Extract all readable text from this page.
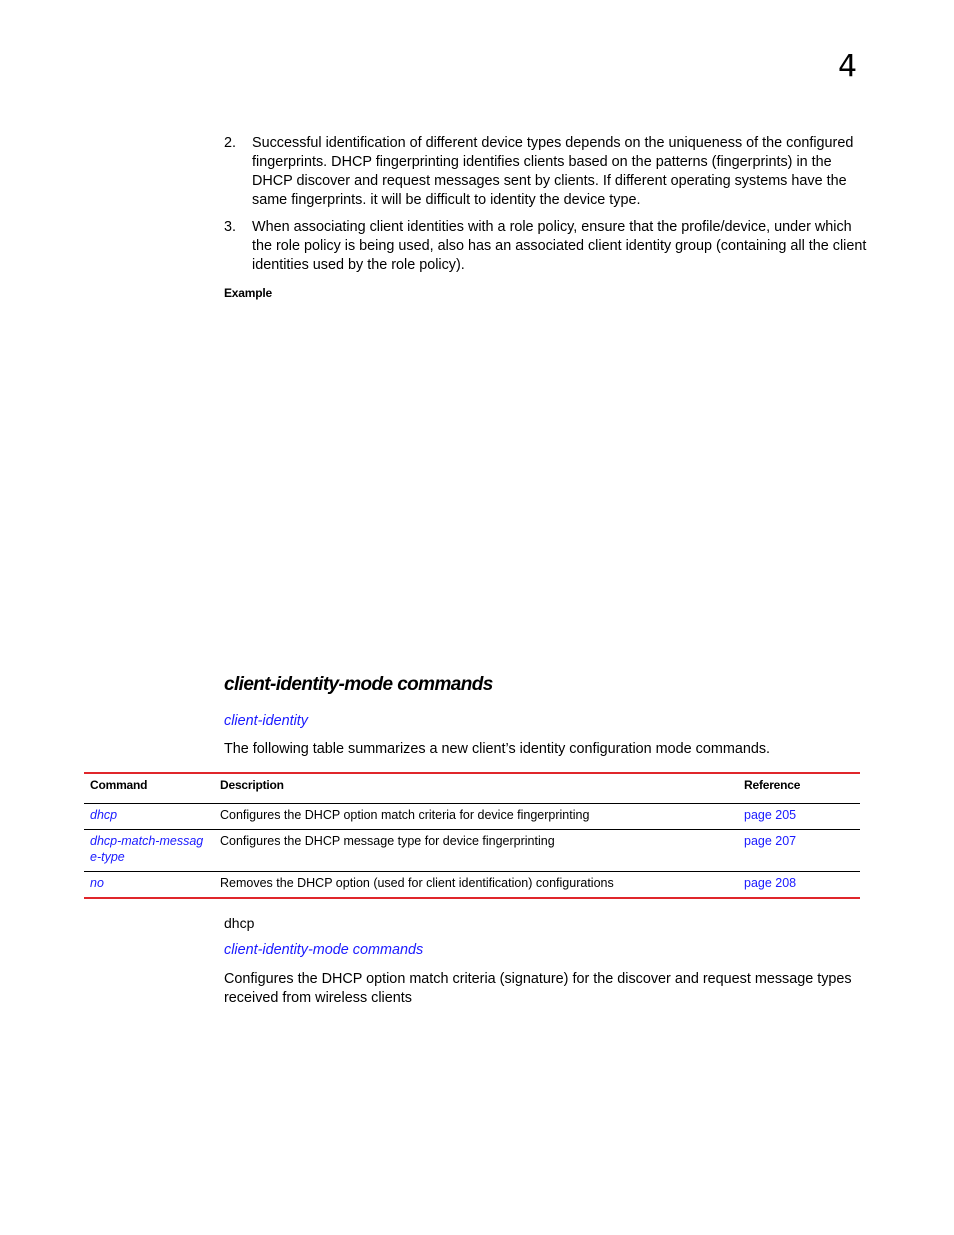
4
2. Successful identification of different device types depends on the uniqueness of the configured fingerprints. DHCP fingerprinting identifies clients based on the patterns (fingerprints) in the DHCP discover and request messages sent by clients. If different operating systems have the same fingerprints. it will be difficult to identity the device type.
3. When associating client identities with a role policy, ensure that the profile/device, under which the role policy is being used, also has an associated client identity group (containing all the client identities used by the role policy).
Example
client-identity-mode commands
client-identity
The following table summarizes a new client’s identity configuration mode commands.
Command	Description	Reference
dhcp	Configures the DHCP option match criteria for device fingerprinting	page 205
dhcp-match-messag e-type	Configures the DHCP message type for device fingerprinting	page 207
no	Removes the DHCP option (used for client identification) configurations	page 208
dhcp
client-identity-mode commands
Configures the DHCP option match criteria (signature) for the discover and request message types received from wireless clients
